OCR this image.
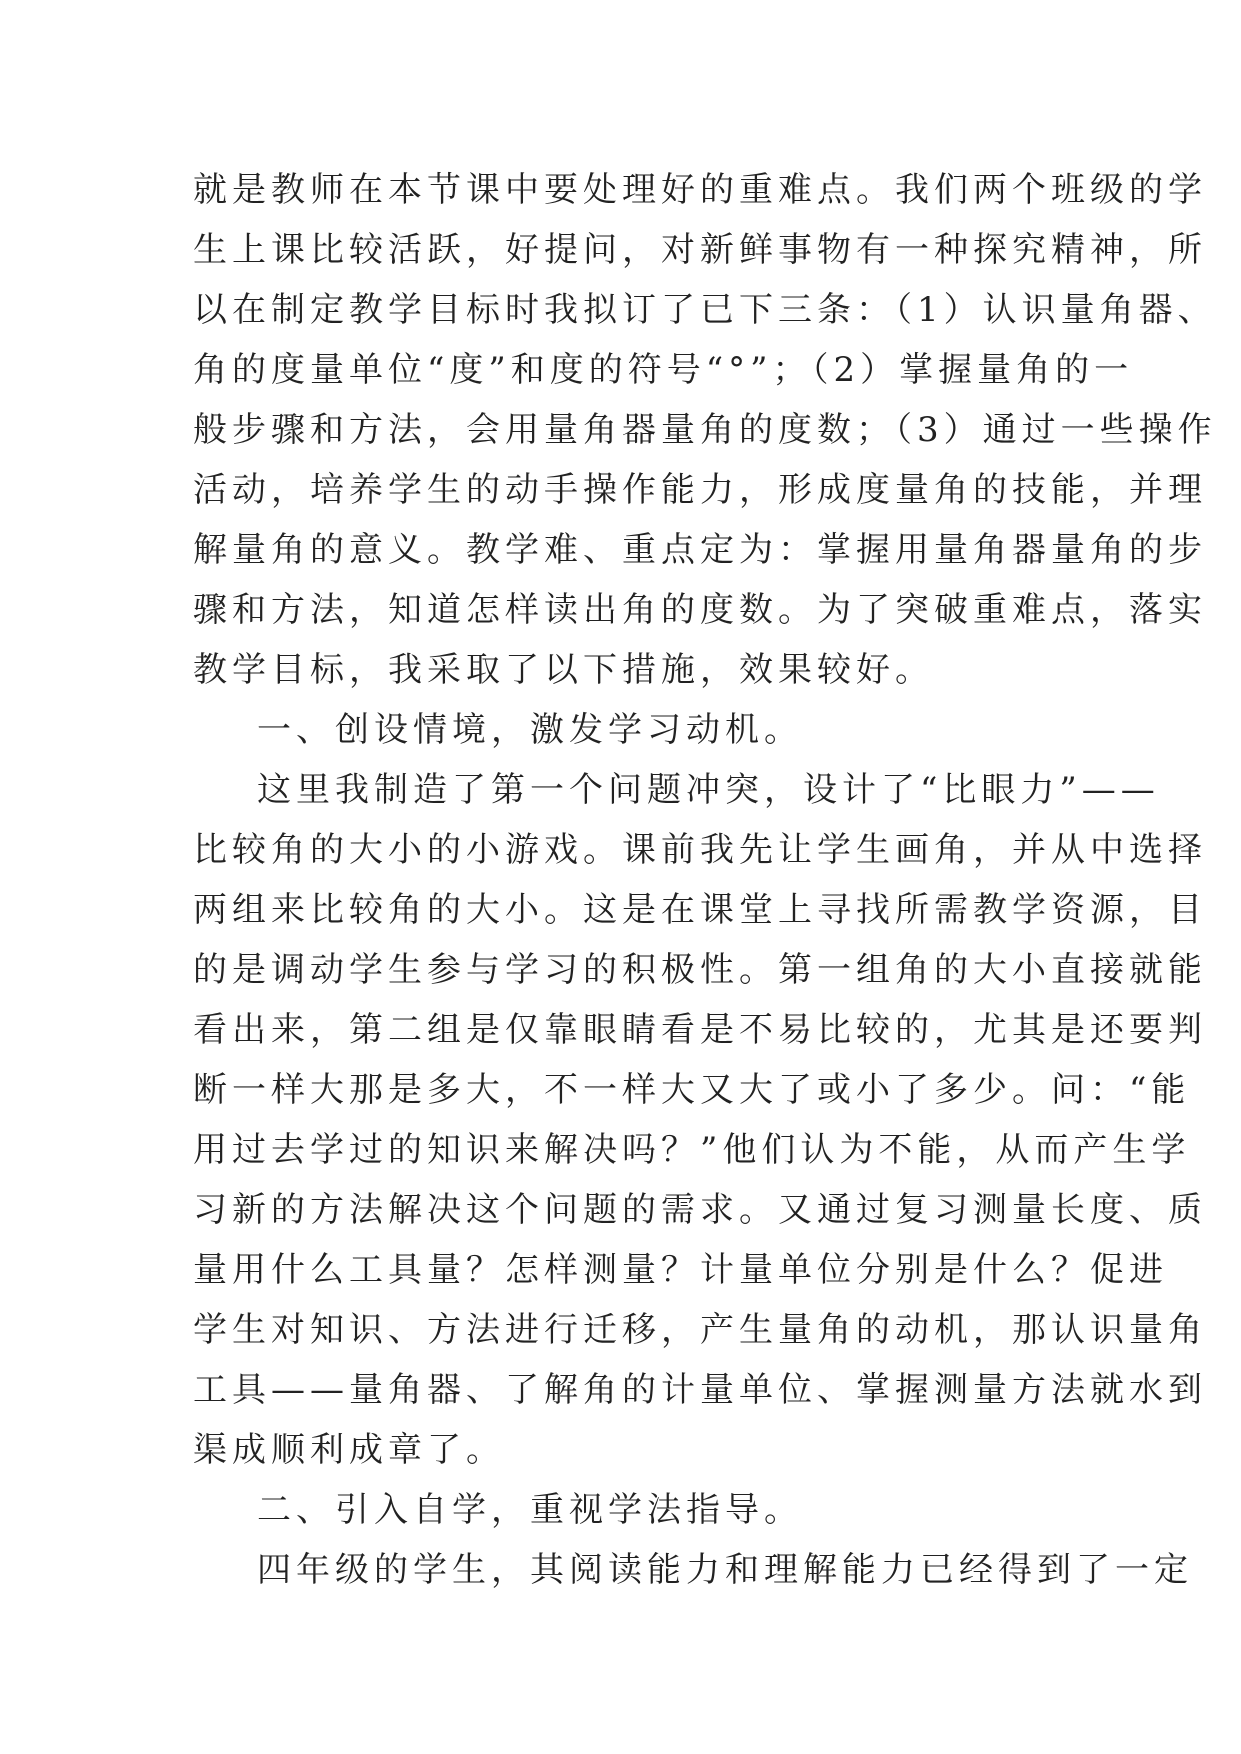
就是教师在本节课中要处理好的重难点。我们两个班级的学
生上课比较活跃，好提问，对新鲜事物有一种探究精神，所
以在制定教学目标时我拟订了已下三条：（1）认识量角器、
角的度量单位“度”和度的符号“°”；（2）掌握量角的一
般步骤和方法，会用量角器量角的度数；（3）通过一些操作
活动，培养学生的动手操作能力，形成度量角的技能，并理
解量角的意义。教学难、重点定为：掌握用量角器量角的步
骤和方法，知道怎样读出角的度数。为了突破重难点，落实
教学目标，我采取了以下措施，效果较好。
一、创设情境，激发学习动机。
这里我制造了第一个问题冲突，设计了“比眼力”——
比较角的大小的小游戏。课前我先让学生画角，并从中选择
两组来比较角的大小。这是在课堂上寻找所需教学资源，目
的是调动学生参与学习的积极性。第一组角的大小直接就能
看出来，第二组是仅靠眼睛看是不易比较的，尤其是还要判
断一样大那是多大，不一样大又大了或小了多少。问：“能
用过去学过的知识来解决吗？”他们认为不能，从而产生学
习新的方法解决这个问题的需求。又通过复习测量长度、质
量用什么工具量？怎样测量？计量单位分别是什么？促进
学生对知识、方法进行迁移，产生量角的动机，那认识量角
工具——量角器、了解角的计量单位、掌握测量方法就水到
渠成顺利成章了。
二、引入自学，重视学法指导。
四年级的学生，其阅读能力和理解能力已经得到了一定
